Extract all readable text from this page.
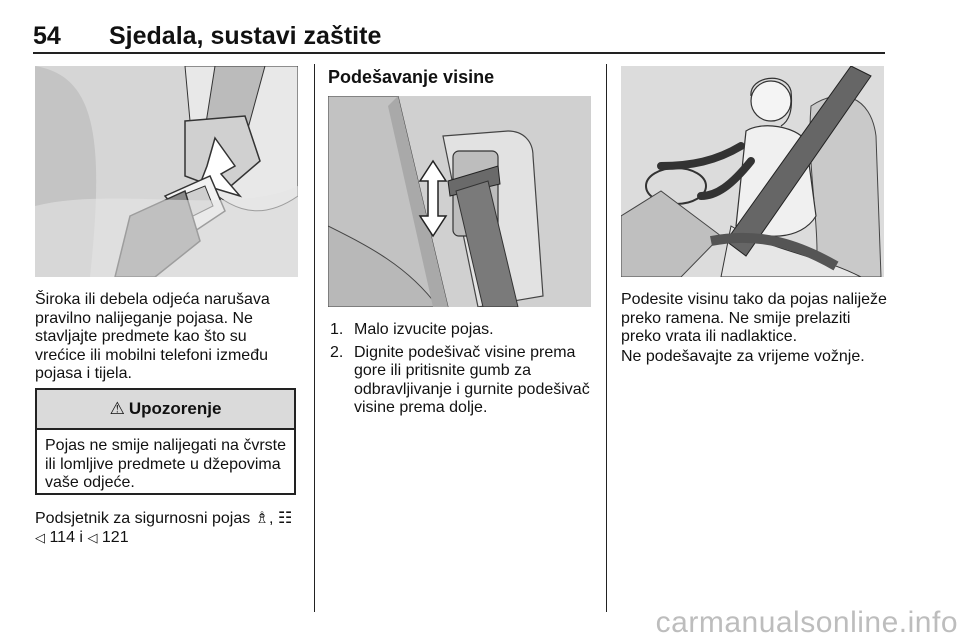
54 Sjedala, sustavi zaštite

Široka ili debela odjeća narušava pravilno nalijeganje pojasa. Ne stavljajte predmete kao što su vrećice ili mobilni telefoni između pojasa i tijela.

⚠ Upozorenje

Pojas ne smije nalijegati na čvrste ili lomljive predmete u džepovima vaše odjeće.

Podsjetnik za sigurnosni pojas ♗, ☷
◁ 114 i ◁ 121
Podešavanje visine
1. Malo izvucite pojas.
2. Dignite podešivač visine prema gore ili pritisnite gumb za odbravljivanje i gurnite podešivač visine prema dolje.

Podesite visinu tako da pojas naliježe preko ramena. Ne smije prelaziti preko vrata ili nadlaktice.

Ne podešavajte za vrijeme vožnje.

carmanualsonline.info
